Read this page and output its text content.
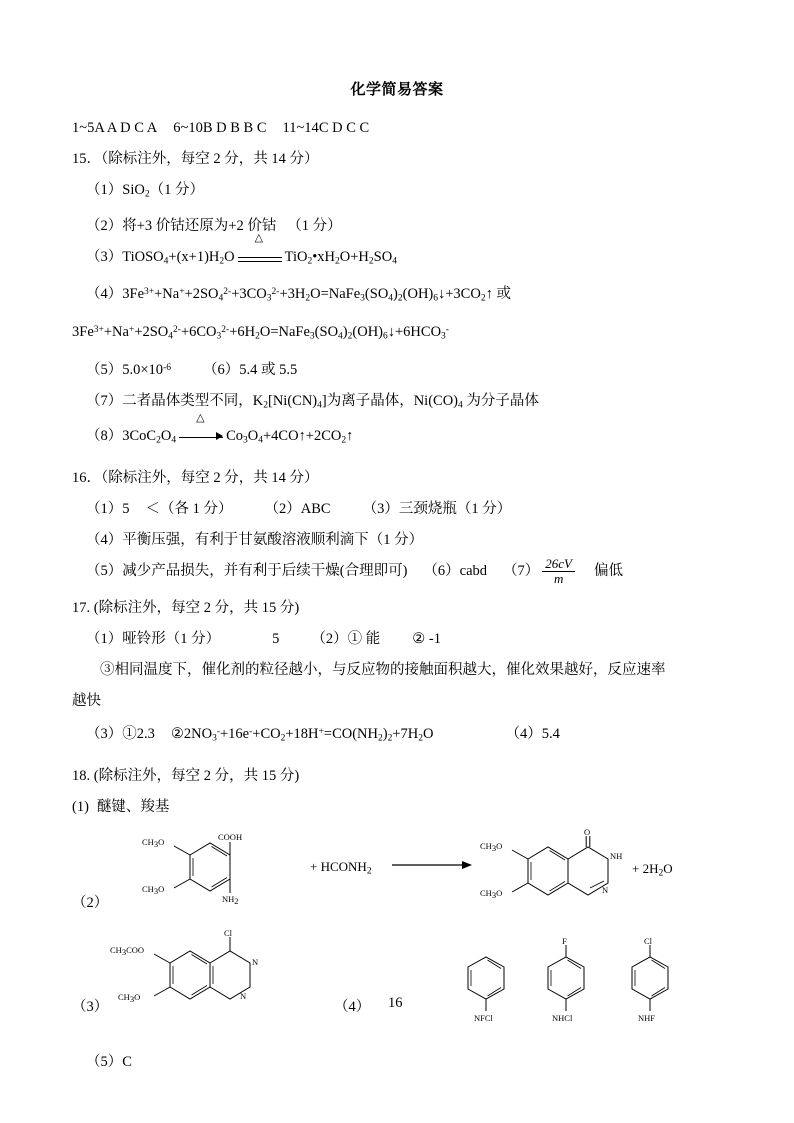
化学简易答案
1~5A A D C A 6~10B D B B C 11~14C D C C
15．（除标注外，每空 2 分，共 14 分）
（1）SiO$_2$（1 分）
（2）将+3 价钴还原为+2 价钴 　（1 分）
$(3)TiOSO_4+(x+1)H_2O$
△	$TiO_2•xH_2O+H_2SO_4$
$(4)3Fe^{3+}+Na^++2SO_4^{2-}+3CO_3^{2-}+3H_2O=NaFe_3(SO_4)_2(OH)_6↓+3CO_2↑$ 或
$3Fe^{3+}+Na^++2SO_4^{2-}+6CO_3^{2-}+6H_2O=NaFe_3(SO_4)_2(OH)_6↓+6HCO_3^-$
$(5)5.0\times 10^{-6}$ （6）5.4 或 5.5
（7）二者晶体类型不同，$K_2[Ni(CN)_4]$为离子晶体，$Ni(CO)_4$ 为分子晶体
$(8)3CoC_2O_4$
△	$Co_3O_4+4CO↑+2CO_2↑$
16．（除标注外，每空 2 分，共 14 分）
（1）5 ＜（各 1 分） （2）ABC （3）三颈烧瓶（1 分）
（4）平衡压强，有利于甘氨酸溶液顺利滴下（1 分）
（5）减少产品损失，并有利于后续干燥(合理即可) （6）cabd $(7) \frac{26cV}{m}$ 偏低
17. (除标注外，每空 2 分，共 15 分)
（1）哑铃形（1 分）	5 （2）① 能 ② -1
③相同温度下，催化剂的粒径越小，与反应物的接触面积越大，催化效果越好，反应速率
越快
（3）①2.3 $②2NO_3^-+16e^-+CO_2+18H^+=CO(NH_2)_2+7H_2O$	（4）5.4
18. (除标注外，每空 2 分，共 15 分)
(1) 醚键、羧基
（2）
CH3O
CH3O
COOH
NH2
+ $HCONH_2$
CH3O
CH3O
O
NH
N
+ $2H_2O$
Cl
N
N
CH3COO
CH3O
（3）	（4） 16
NFCl
F
NHCl
Cl
NHF
（5）C
